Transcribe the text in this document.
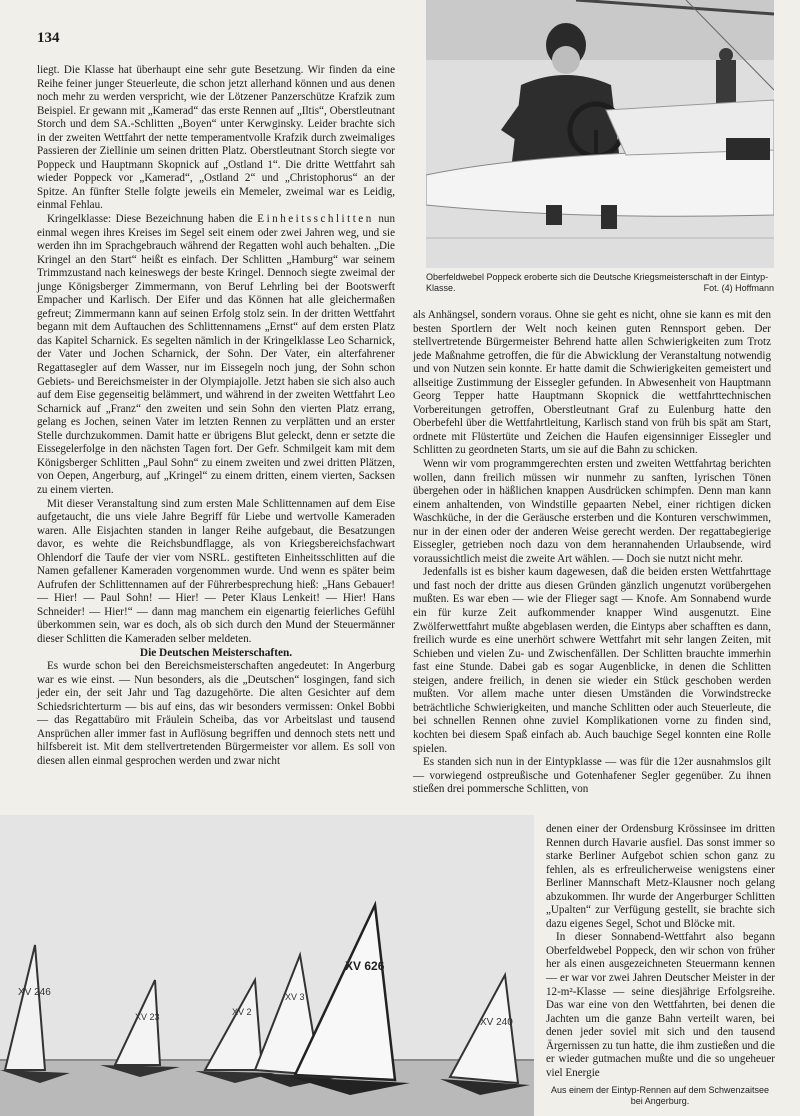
134
Oberfeldwebel Poppeck eroberte sich die Deutsche Kriegsmeisterschaft in der Eintyp-Klasse.	Fot. (4) Hoffmann

liegt. Die Klasse hat überhaupt eine sehr gute Besetzung. Wir finden da eine Reihe feiner junger Steuerleute, die schon jetzt allerhand können und aus denen noch mehr zu werden verspricht, wie der Lötzener Panzerschütze Krafzik zum Beispiel. Er gewann mit „Kamerad“ das erste Rennen auf „Iltis“, Oberstleutnant Storch und dem SA.-Schlitten „Boyen“ unter Kerwginsky. Leider brachte sich in der zweiten Wettfahrt der nette temperamentvolle Krafzik durch zweimaliges Passieren der Ziellinie um seinen dritten Platz. Oberstleutnant Storch siegte vor Poppeck und Hauptmann Skopnick auf „Ostland 1“. Die dritte Wettfahrt sah wieder Poppeck vor „Kamerad“, „Ostland 2“ und „Christophorus“ an der Spitze. An fünfter Stelle folgte jeweils ein Memeler, zweimal war es Leidig, einmal Fehlau.

Kringelklasse: Diese Bezeichnung haben die Einheitsschlitten nun einmal wegen ihres Kreises im Segel seit einem oder zwei Jahren weg, und sie werden ihn im Sprachgebrauch während der Regatten wohl auch behalten. „Die Kringel an den Start“ heißt es einfach. Der Schlitten „Hamburg“ war seinem Trimmzustand nach keineswegs der beste Kringel. Dennoch siegte zweimal der junge Königsberger Zimmermann, von Beruf Lehrling bei der Bootswerft Empacher und Karlisch. Der Eifer und das Können hat alle gleichermaßen gefreut; Zimmermann kann auf seinen Erfolg stolz sein. In der dritten Wettfahrt begann mit dem Auftauchen des Schlittennamens „Ernst“ auf dem ersten Platz das Kapitel Scharnick. Es segelten nämlich in der Kringelklasse Leo Scharnick, der Vater und Jochen Scharnick, der Sohn. Der Vater, ein alterfahrener Regattasegler auf dem Wasser, nur im Eissegeln noch jung, der Sohn schon Gebiets- und Bereichsmeister in der Olympiajolle. Jetzt haben sie sich also auch auf dem Eise gegenseitig belämmert, und während in der zweiten Wettfahrt Leo Scharnick auf „Franz“ den zweiten und sein Sohn den vierten Platz errang, gelang es Jochen, seinen Vater im letzten Rennen zu verplätten und an erster Stelle durchzukommen. Damit hatte er übrigens Blut geleckt, denn er setzte die Eissegelerfolge in den nächsten Tagen fort. Der Gefr. Schmilgeit kam mit dem Königsberger Schlitten „Paul Sohn“ zu einem zweiten und zwei dritten Plätzen, von Oepen, Angerburg, auf „Kringel“ zu einem dritten, einem vierten, Sacksen zu einem vierten.

Mit dieser Veranstaltung sind zum ersten Male Schlittennamen auf dem Eise aufgetaucht, die uns viele Jahre Begriff für Liebe und wertvolle Kameraden waren. Alle Eisjachten standen in langer Reihe aufgebaut, die Besatzungen davor, es wehte die Reichsbundflagge, als von Kriegsbereichsfachwart Ohlendorf die Taufe der vier vom NSRL. gestifteten Einheitsschlitten auf die Namen gefallener Kameraden vorgenommen wurde. Und wenn es später beim Aufrufen der Schlittennamen auf der Führerbesprechung hieß: „Hans Gebauer! — Hier! — Paul Sohn! — Hier! — Peter Klaus Lenkeit! — Hier! Hans Schneider! — Hier!“ — dann mag manchem ein eigenartig feierliches Gefühl überkommen sein, war es doch, als ob sich durch den Mund der Steuermänner dieser Schlitten die Kameraden selber meldeten.

Die Deutschen Meisterschaften.

Es wurde schon bei den Bereichsmeisterschaften angedeutet: In Angerburg war es wie einst. — Nun besonders, als die „Deutschen“ losgingen, fand sich jeder ein, der seit Jahr und Tag dazugehörte. Die alten Gesichter auf dem Schiedsrichterturm — bis auf eins, das wir besonders vermissen: Onkel Bobbi — das Regattabüro mit Fräulein Scheiba, das vor Arbeitslast und tausend Ansprüchen aller immer fast in Auflösung begriffen und dennoch stets nett und hilfsbereit ist. Mit dem stellvertretenden Bürgermeister vor allem. Es soll von diesen allen einmal gesprochen werden und zwar nicht

als Anhängsel, sondern voraus. Ohne sie geht es nicht, ohne sie kann es mit den besten Sportlern der Welt noch keinen guten Rennsport geben. Der stellvertretende Bürgermeister Behrend hatte allen Schwierigkeiten zum Trotz jede Maßnahme getroffen, die für die Abwicklung der Veranstaltung notwendig und von Nutzen sein konnte. Er hatte damit die Schwierigkeiten gemeistert und allseitige Zustimmung der Eissegler gefunden. In Abwesenheit von Hauptmann Georg Tepper hatte Hauptmann Skopnick die wettfahrttechnischen Vorbereitungen getroffen, Oberstleutnant Graf zu Eulenburg hatte den Oberbefehl über die Wettfahrtleitung, Karlisch stand von früh bis spät am Start, ordnete mit Flüstertüte und Zeichen die Haufen eigensinniger Eissegler und Schlitten zu geordneten Starts, um sie auf die Bahn zu schicken.

Wenn wir vom programmgerechten ersten und zweiten Wettfahrtag berichten wollen, dann freilich müssen wir nunmehr zu sanften, lyrischen Tönen übergehen oder in häßlichen knappen Ausdrücken schimpfen. Denn man kann einem anhaltenden, von Windstille gepaarten Nebel, einer richtigen dicken Waschküche, in der die Geräusche ersterben und die Konturen verschwimmen, nur in der einen oder der anderen Weise gerecht werden. Der regattabegierige Eissegler, getrieben noch dazu von dem herannahenden Urlaubsende, wird voraussichtlich meist die zweite Art wählen. — Doch sie nutzt nicht mehr.

Jedenfalls ist es bisher kaum dagewesen, daß die beiden ersten Wettfahrttage und fast noch der dritte aus diesen Gründen gänzlich ungenutzt vorübergehen mußten. Es war eben — wie der Flieger sagt — Knofe. Am Sonnabend wurde ein für kurze Zeit aufkommender knapper Wind ausgenutzt. Eine Zwölferwettfahrt mußte abgeblasen werden, die Eintyps aber schafften es dann, freilich wurde es eine unerhört schwere Wettfahrt mit sehr langen Zeiten, mit Schieben und vielen Zu- und Zwischenfällen. Der Schlitten brauchte immerhin fast eine Stunde. Dabei gab es sogar Augenblicke, in denen die Schlitten steigen, andere freilich, in denen sie wieder ein Stück geschoben werden mußten. Vor allem mache unter diesen Umständen die Vorwindstrecke beträchtliche Schwierigkeiten, und manche Schlitten oder auch Steuerleute, die bei schnellen Rennen ohne zuviel Komplikationen vorne zu finden sind, kochten bei diesem Spaß einfach ab. Auch bauchige Segel konnten eine Rolle spielen.

Es standen sich nun in der Eintypklasse — was für die 12er ausnahmslos gilt — vorwiegend ostpreußische und Gotenhafener Segler gegenüber. Zu ihnen stießen drei pommersche Schlitten, von

XV 246
XV 23	XV 2
XV 3
XV 626
XV 240

denen einer der Ordensburg Krössinsee im dritten Rennen durch Havarie ausfiel. Das sonst immer so starke Berliner Aufgebot schien schon ganz zu fehlen, als es erfreulicherweise wenigstens einer Berliner Mannschaft Metz-Klausner noch gelang abzukommen. Ihr wurde der Angerburger Schlitten „Upalten“ zur Verfügung gestellt, sie brachte sich dazu eigenes Segel, Schot und Blöcke mit.

In dieser Sonnabend-Wettfahrt also begann Oberfeldwebel Poppeck, den wir schon von früher her als einen ausgezeichneten Steuermann kennen — er war vor zwei Jahren Deutscher Meister in der 12-m²-Klasse — seine diesjährige Erfolgsreihe. Das war eine von den Wettfahrten, bei denen die Jachten um die ganze Bahn verteilt waren, bei denen jeder soviel mit sich und den tausend Ärgernissen zu tun hatte, die ihm zustießen und die er wieder gutmachen mußte und die so ungeheuer viel Energie

Aus einem der Eintyp-Rennen auf dem Schwenzaitsee bei Angerburg.
